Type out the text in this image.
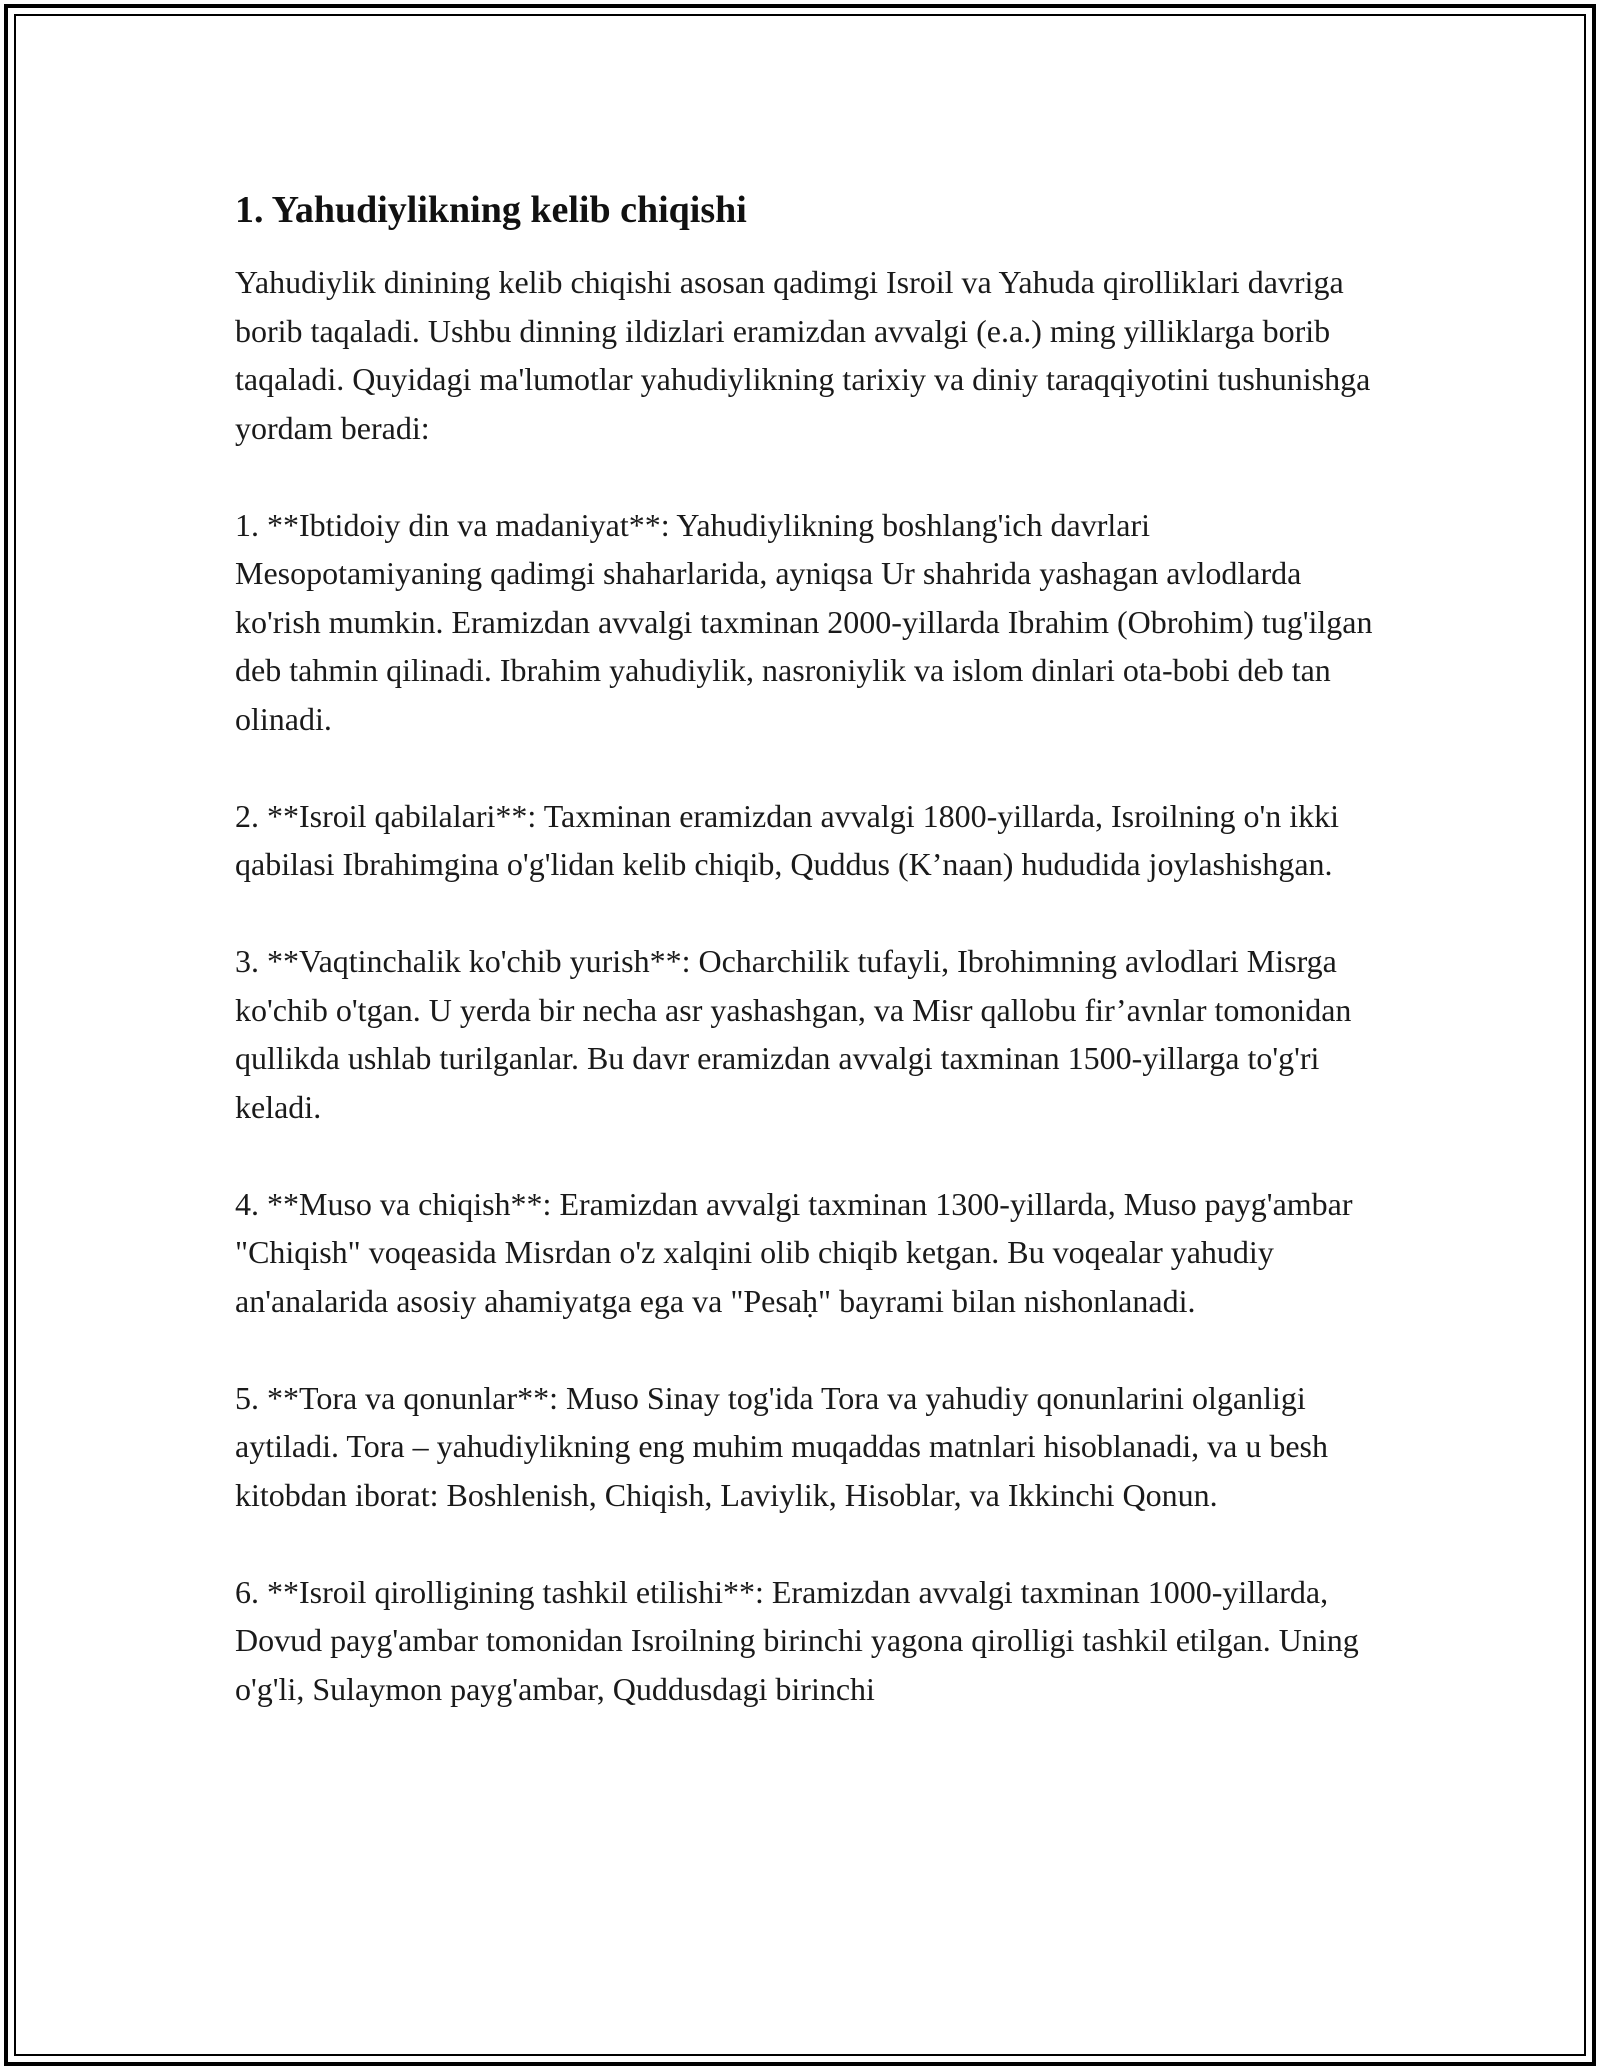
1. Yahudiylikning kelib chiqishi

Yahudiylik dinining kelib chiqishi asosan qadimgi Isroil va Yahuda qirolliklari davriga borib taqaladi. Ushbu dinning ildizlari eramizdan avvalgi (e.a.) ming yilliklarga borib taqaladi. Quyidagi ma'lumotlar yahudiylikning tarixiy va diniy taraqqiyotini tushunishga yordam beradi:

1. **Ibtidoiy din va madaniyat**: Yahudiylikning boshlang'ich davrlari Mesopotamiyaning qadimgi shaharlarida, ayniqsa Ur shahrida yashagan avlodlarda ko'rish mumkin. Eramizdan avvalgi taxminan 2000-yillarda Ibrahim (Obrohim) tug'ilgan deb tahmin qilinadi. Ibrahim yahudiylik, nasroniylik va islom dinlari ota-bobi deb tan olinadi.

2. **Isroil qabilalari**: Taxminan eramizdan avvalgi 1800-yillarda, Isroilning o'n ikki qabilasi Ibrahimgina o'g'lidan kelib chiqib, Quddus (K’naan) hududida joylashishgan.

3. **Vaqtinchalik ko'chib yurish**: Ocharchilik tufayli, Ibrohimning avlodlari Misrga ko'chib o'tgan. U yerda bir necha asr yashashgan, va Misr qallobu fir’avnlar tomonidan qullikda ushlab turilganlar. Bu davr eramizdan avvalgi taxminan 1500-yillarga to'g'ri keladi.

4. **Muso va chiqish**: Eramizdan avvalgi taxminan 1300-yillarda, Muso payg'ambar "Chiqish" voqeasida Misrdan o'z xalqini olib chiqib ketgan. Bu voqealar yahudiy an'analarida asosiy ahamiyatga ega va "Pesaḥ" bayrami bilan nishonlanadi.

5. **Tora va qonunlar**: Muso Sinay tog'ida Tora va yahudiy qonunlarini olganligi aytiladi. Tora – yahudiylikning eng muhim muqaddas matnlari hisoblanadi, va u besh kitobdan iborat: Boshlenish, Chiqish, Laviylik, Hisoblar, va Ikkinchi Qonun.

6. **Isroil qirolligining tashkil etilishi**: Eramizdan avvalgi taxminan 1000-yillarda, Dovud payg'ambar tomonidan Isroilning birinchi yagona qirolligi tashkil etilgan. Uning o'g'li, Sulaymon payg'ambar, Quddusdagi birinchi
